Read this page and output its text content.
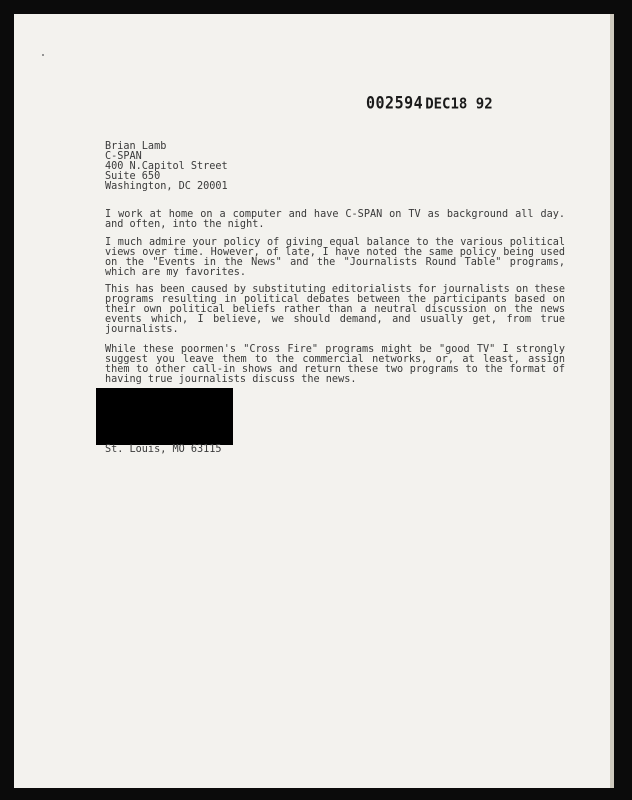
002594 DEC18 92
Brian Lamb
C-SPAN
400 N.Capitol Street
Suite 650
Washington, DC 20001
I work at home on a computer and have C-SPAN on TV as background all day. and often, into the night.
I much admire your policy of giving equal balance to the various political views over time. However, of late, I have noted the same policy being used on the "Events in the News" and the "Journalists Round Table" programs, which are my favorites.
This has been caused by substituting editorialists for journalists on these programs resulting in political debates between the participants based on their own political beliefs rather than a neutral discussion on the news events which, I believe, we should demand, and usually get, from true journalists.
While these poormen's "Cross Fire" programs might be "good TV" I strongly suggest you leave them to the commercial networks, or, at least, assign them to other call-in shows and return these two programs to the format of having true journalists discuss the news.
St. Louis, MO 63115
